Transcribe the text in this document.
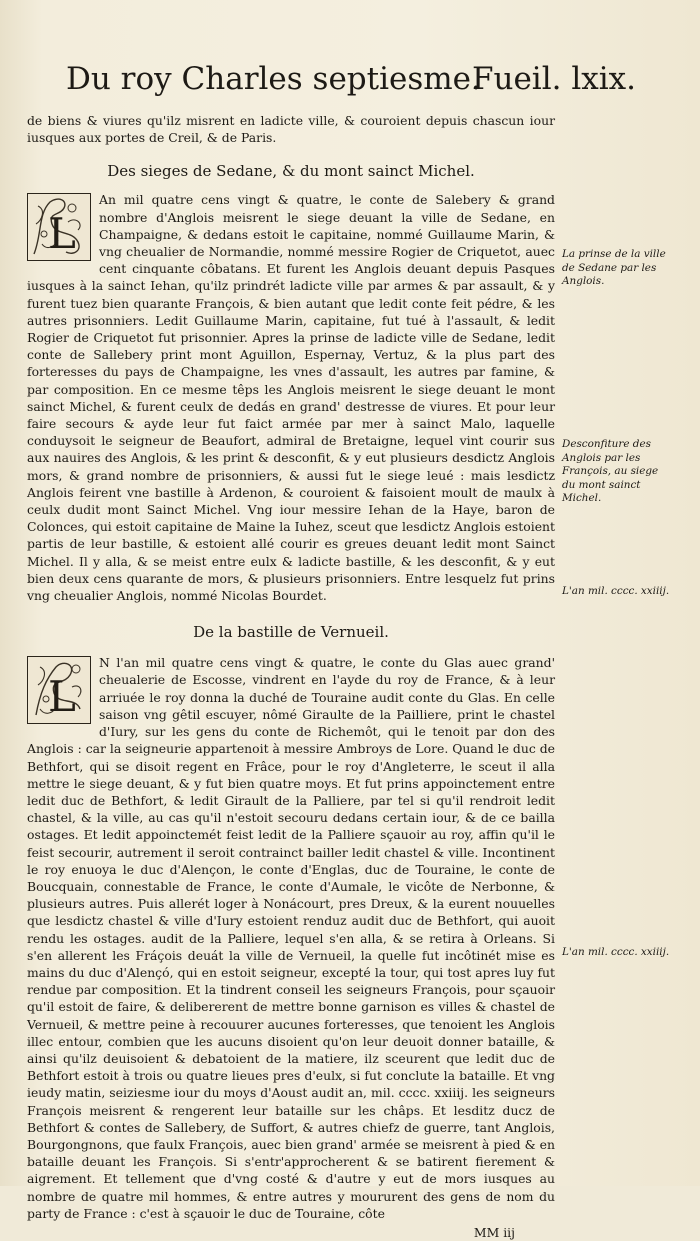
Du roy Charles septiesme.
Fueil. lxix.

de biens & viures qu'ilz misrent en ladicte ville, & couroient depuis chascun iour iusques aux portes de Creil, & de Paris.

Des sieges de Sedane, & du mont sainct Michel.

L
An mil quatre cens vingt & quatre, le conte de Salebery & grand nombre d'Anglois meisrent le siege deuant la ville de Sedane, en Champaigne, & dedans estoit le capitaine, nommé Guillaume Marin, & vng cheualier de Normandie, nommé messire Rogier de Criquetot, auec cent cinquante côbatans. Et furent les Anglois deuant depuis Pasques iusques à la sainct Iehan, qu'ilz prindrét ladicte ville par armes & par assault, & y furent tuez bien quarante François, & bien autant que ledit conte feit pédre, & les autres prisonniers. Ledit Guillaume Marin, capitaine, fut tué à l'assault, & ledit Rogier de Criquetot fut prisonnier. Apres la prinse de ladicte ville de Sedane, ledit conte de Sallebery print mont Aguillon, Espernay, Vertuz, & la plus part des forteresses du pays de Champaigne, les vnes d'assault, les autres par famine, & par composition. En ce mesme têps les Anglois meisrent le siege deuant le mont sainct Michel, & furent ceulx de dedás en grand' destresse de viures. Et pour leur faire secours & ayde leur fut faict armée par mer à sainct Malo, laquelle conduysoit le seigneur de Beaufort, admiral de Bretaigne, lequel vint courir sus aux nauires des Anglois, & les print & desconfit, & y eut plusieurs desdictz Anglois mors, & grand nombre de prisonniers, & aussi fut le siege leué : mais lesdictz Anglois feirent vne bastille à Ardenon, & couroient & faisoient moult de maulx à ceulx dudit mont Sainct Michel. Vng iour messire Iehan de la Haye, baron de Colonces, qui estoit capitaine de Maine la Iuhez, sceut que lesdictz Anglois estoient partis de leur bastille, & estoient allé courir es greues deuant ledit mont Sainct Michel. Il y alla, & se meist entre eulx & ladicte bastille, & les desconfit, & y eut bien deux cens quarante de mors, & plusieurs prisonniers. Entre lesquelz fut prins vng cheualier Anglois, nommé Nicolas Bourdet.

De la bastille de Vernueil.

L
N l'an mil quatre cens vingt & quatre, le conte du Glas auec grand' cheualerie de Escosse, vindrent en l'ayde du roy de France, & à leur arriuée le roy donna la duché de Touraine audit conte du Glas. En celle saison vng gêtil escuyer, nômé Giraulte de la Pailliere, print le chastel d'Iury, sur les gens du conte de Richemôt, qui le tenoit par don des Anglois : car la seigneurie appartenoit à messire Ambroys de Lore. Quand le duc de Bethfort, qui se disoit regent en Frâce, pour le roy d'Angleterre, le sceut il alla mettre le siege deuant, & y fut bien quatre moys. Et fut prins appoinctement entre ledit duc de Bethfort, & ledit Girault de la Palliere, par tel si qu'il rendroit ledit chastel, & la ville, au cas qu'il n'estoit secouru dedans certain iour, & de ce bailla ostages. Et ledit appoinctemét feist ledit de la Palliere sçauoir au roy, affin qu'il le feist secourir, autrement il seroit contrainct bailler ledit chastel & ville. Incontinent le roy enuoya le duc d'Alençon, le conte d'Englas, duc de Touraine, le conte de Boucquain, connestable de France, le conte d'Aumale, le vicôte de Nerbonne, & plusieurs autres. Puis allerét loger à Nonácourt, pres Dreux, & la eurent nouuelles que lesdictz chastel & ville d'Iury estoient renduz audit duc de Bethfort, qui auoit rendu les ostages. audit de la Palliere, lequel s'en alla, & se retira à Orleans. Si s'en allerent les Fráçois deuát la ville de Vernueil, la quelle fut incôtinét mise es mains du duc d'Alençó, qui en estoit seigneur, excepté la tour, qui tost apres luy fut rendue par composition. Et la tindrent conseil les seigneurs François, pour sçauoir qu'il estoit de faire, & delibererent de mettre bonne garnison es villes & chastel de Vernueil, & mettre peine à recouurer aucunes forteresses, que tenoient les Anglois illec entour, combien que les aucuns disoient qu'on leur deuoit donner bataille, & ainsi qu'ilz deuisoient & debatoient de la matiere, ilz sceurent que ledit duc de Bethfort estoit à trois ou quatre lieues pres d'eulx, si fut conclute la bataille. Et vng ieudy matin, seiziesme iour du moys d'Aoust audit an, mil. cccc. xxiiij. les seigneurs François meisrent & rengerent leur bataille sur les châps. Et lesditz ducz de Bethfort & contes de Sallebery, de Suffort, & autres chiefz de guerre, tant Anglois, Bourgongnons, que faulx François, auec bien grand' armée se meisrent à pied & en bataille deuant les François. Si s'entr'approcherent & se batirent fierement & aigrement. Et tellement que d'vng costé & d'autre y eut de mors iusques au nombre de quatre mil hommes, & entre autres y moururent des gens de nom du party de France : c'est à sçauoir le duc de Touraine, côte

MM iij
La prinse de la ville de Sedane par les Anglois.
Desconfiture des Anglois par les François, au siege du mont sainct Michel.
L'an mil. cccc. xxiiij.
L'an mil. cccc. xxiiij.
